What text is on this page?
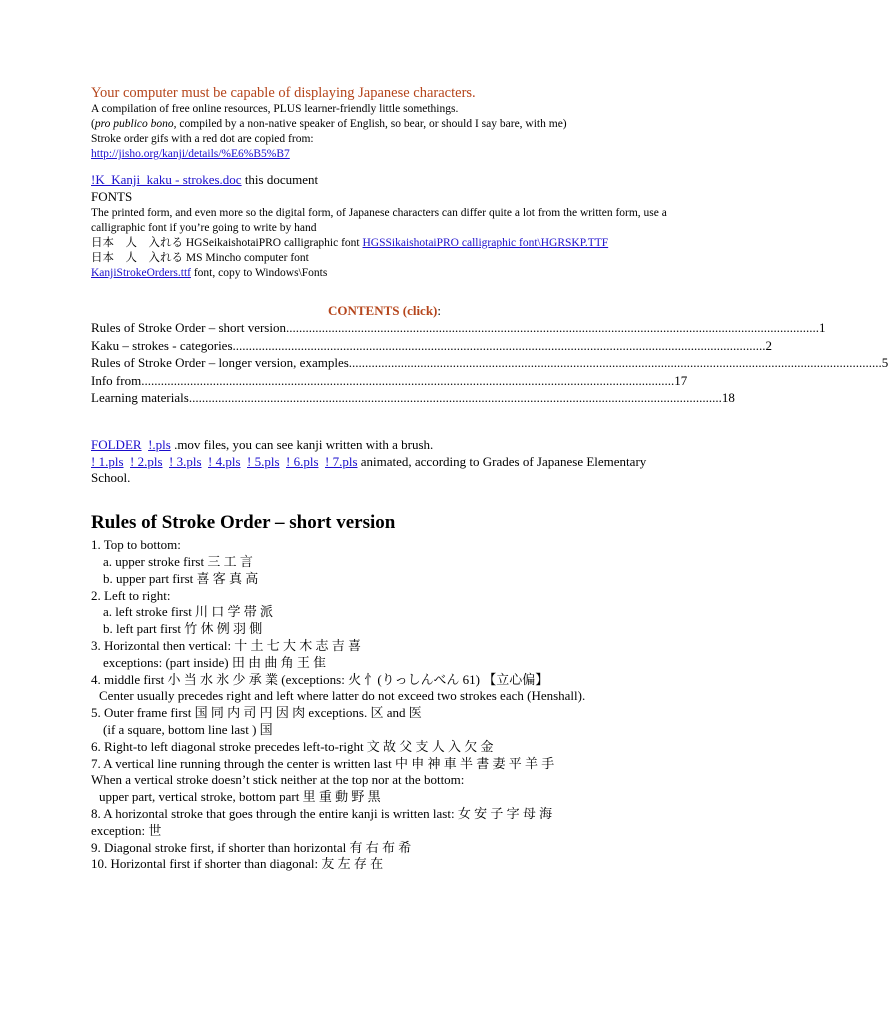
Your computer must be capable of displaying Japanese characters.
A compilation of free online resources, PLUS learner-friendly little somethings.
(pro publico bono, compiled by a non-native speaker of English, so bear, or should I say bare, with me)
Stroke order gifs with a red dot are copied from:
http://jisho.org/kanji/details/%E6%B5%B7
!K_Kanji_kaku - strokes.doc this document
FONTS
The printed form, and even more so the digital form, of Japanese characters can differ quite a lot from the written form, use a calligraphic font if you’re going to write by hand
日本　人　入れる HGSeikaishotaiPRO calligraphic font HGSSikaishotaiPRO calligraphic font\HGRSKP.TTF
日本　人　入れる MS Mincho computer font
KanjiStrokeOrders.ttf font, copy to Windows\Fonts
CONTENTS (click):
Rules of Stroke Order – short version .................................................................................................................................................................... 1
Kaku – strokes - categories .................................................................................................................................................................... 2
Rules of Stroke Order – longer version, examples .................................................................................................................................................................... 5
Info from .................................................................................................................................................................... 17
Learning materials .................................................................................................................................................................... 18
FOLDER !.pls .mov files, you can see kanji written with a brush.
! 1.pls ! 2.pls ! 3.pls ! 4.pls ! 5.pls ! 6.pls ! 7.pls animated, according to Grades of Japanese Elementary School.
Rules of Stroke Order – short version
1. Top to bottom:
a. upper stroke first 三 工 言
b. upper part first 喜 客 真 高
2. Left to right:
a. left stroke first 川 口 学 帯 派
b. left part first 竹 休 例 羽 側
3. Horizontal then vertical: 十 土 七 大 木 志 吉 喜
exceptions: (part inside) 田 由 曲 角 王 隹
4. middle first 小 当 水 氷 少 承 業 (exceptions: 火 忄(りっしんべん 61) 【立心偏】
Center usually precedes right and left where latter do not exceed two strokes each (Henshall).
5. Outer frame first 国 同 内 司 円 因 肉 exceptions. 区 and 医
(if a square, bottom line last ) 国
6. Right-to left diagonal stroke precedes left-to-right 文 故 父 支 人 入 欠 金
7. A vertical line running through the center is written last 中 申 神 車 半 書 妻 平 羊 手
When a vertical stroke doesn’t stick neither at the top nor at the bottom:
upper part, vertical stroke, bottom part 里 重 動 野 黒
8. A horizontal stroke that goes through the entire kanji is written last: 女 安 子 字 母 海
exception: 世
9. Diagonal stroke first, if shorter than horizontal 有 右 布 希
10. Horizontal first if shorter than diagonal: 友 左 存 在
